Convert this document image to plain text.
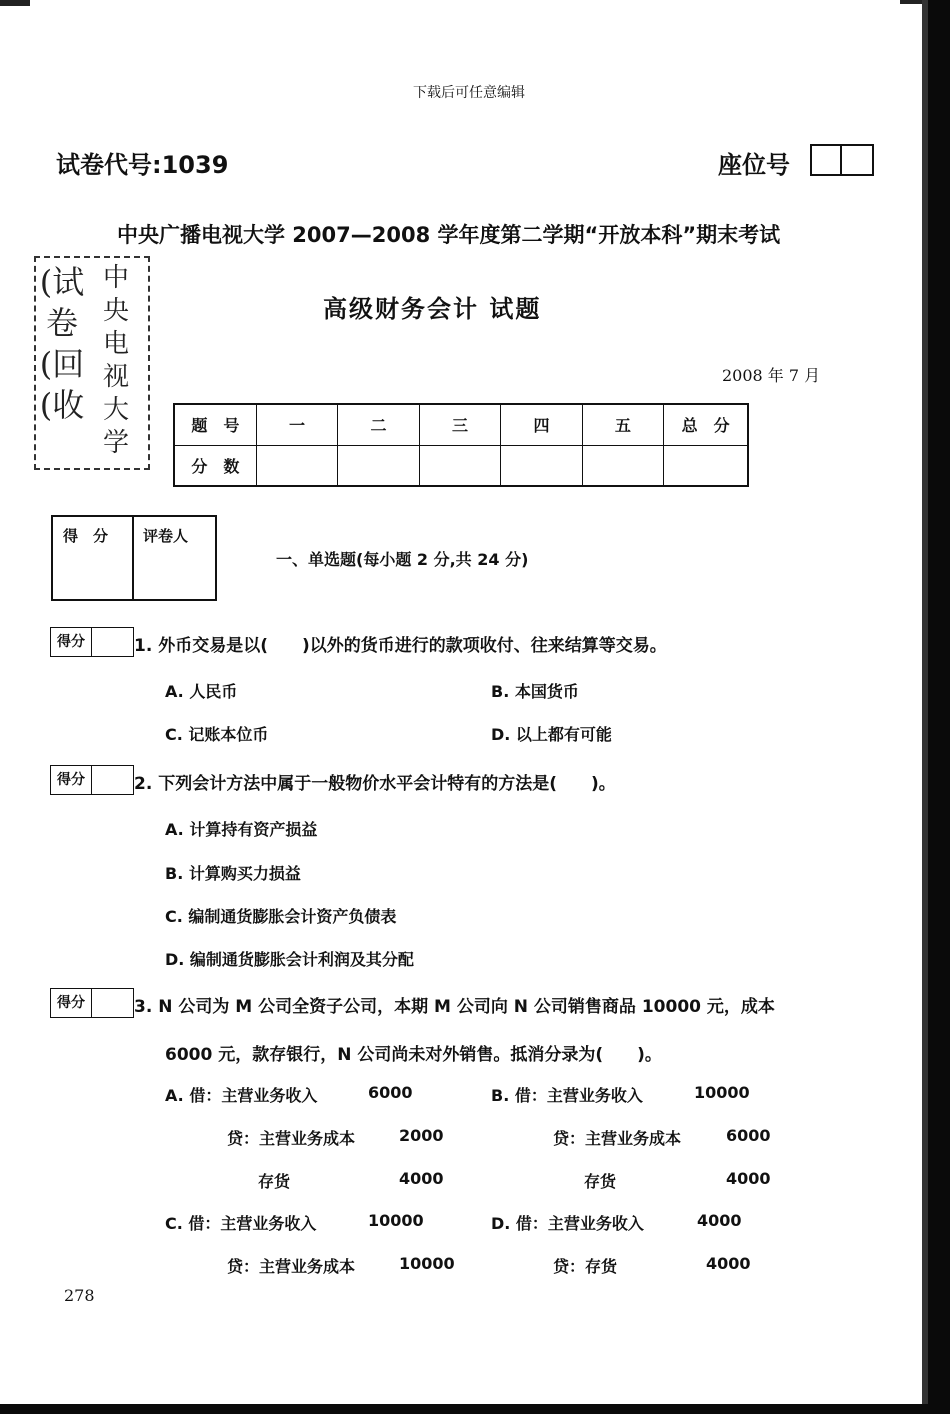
下载后可任意编辑
试卷代号:1039	座位号
中央广播电视大学 2007—2008 学年度第二学期“开放本科”期末考试
(试
卷
(回
(收
中
央
电
视
大
学
高级财务会计 试题
2008 年 7 月
题　号	一	二	三	四	五	总　分
分　数						
得　分 评卷人
一、单选题(每小题 2 分,共 24 分)
得分	1. 外币交易是以(　　)以外的货币进行的款项收付、往来结算等交易。
A. 人民币	B. 本国货币
C. 记账本位币	D. 以上都有可能
得分	2. 下列会计方法中属于一般物价水平会计特有的方法是(　　)。
A. 计算持有资产损益
B. 计算购买力损益
C. 编制通货膨胀会计资产负债表
D. 编制通货膨胀会计利润及其分配
得分	3. N 公司为 M 公司全资子公司，本期 M 公司向 N 公司销售商品 10000 元，成本
6000 元，款存银行，N 公司尚未对外销售。抵消分录为(　　)。
A. 借：主营业务收入	6000
贷：主营业务成本	2000
存货	4000
B. 借：主营业务收入	10000
贷：主营业务成本	6000
存货	4000
C. 借：主营业务收入	10000
贷：主营业务成本	10000
D. 借：主营业务收入	4000
贷：存货	4000
278
